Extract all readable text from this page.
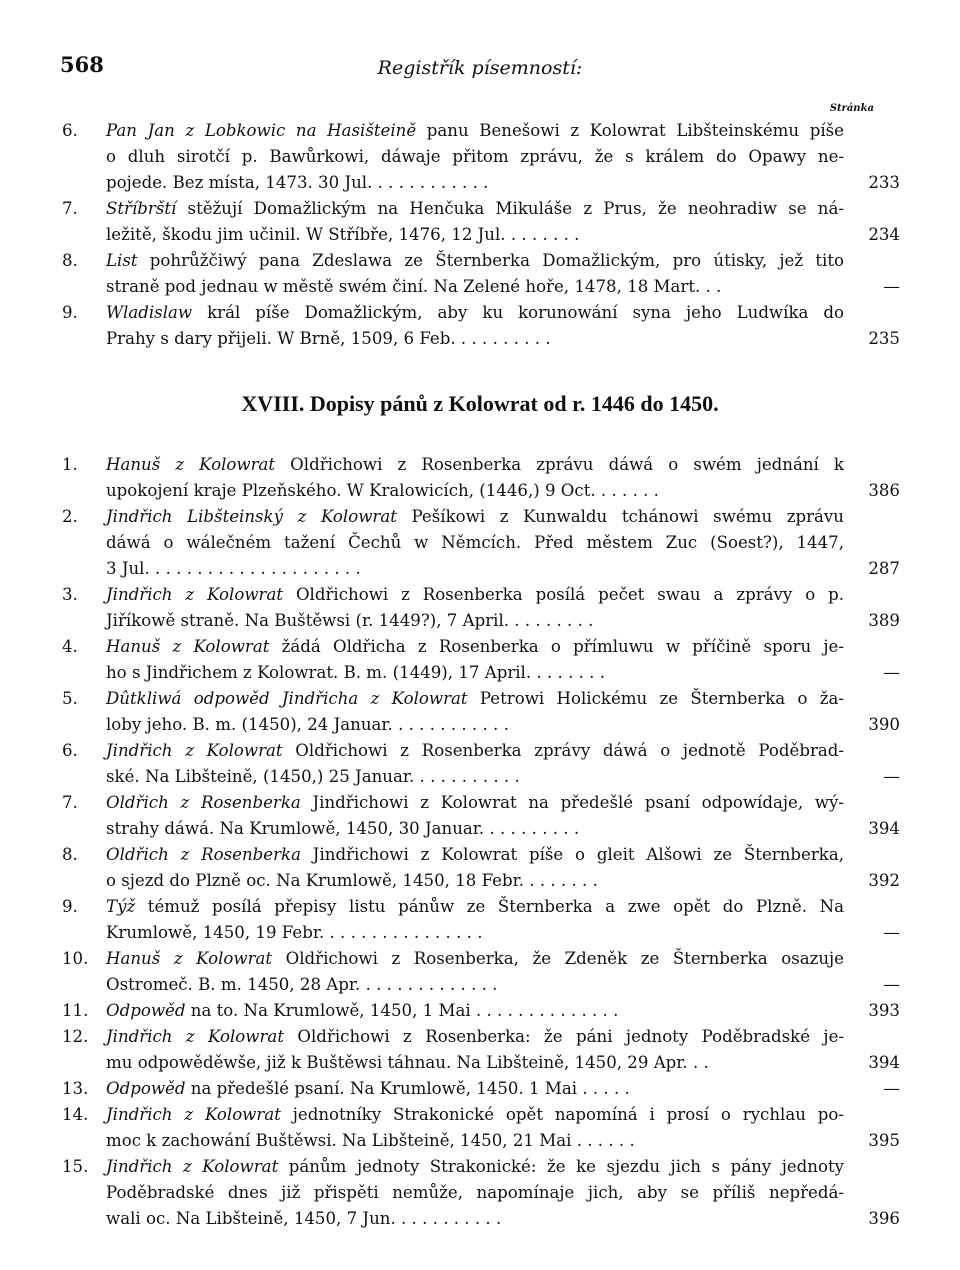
568	Registřík písemností:
Stránka
6.	Pan Jan z Lobkowic na Hasišteině panu Benešowi z Kolowrat Libšteinskému píše
o dluh sirotčí p. Bawůrkowi, dáwaje přitom zprávu, že s králem do Opawy ne-
pojede. Bez místa, 1473. 30 Jul. . . . . . . . . . . .	233
7.	Stříbrští stěžují Domažlickým na Henčuka Mikuláše z Prus, že neohradiw se ná-
ležitě, škodu jim učinil. W Stříbře, 1476, 12 Jul. . . . . . . .	234
8.	List pohrůžčiwý pana Zdeslawa ze Šternberka Domažlickým, pro útisky, jež tito
straně pod jednau w městě swém činí. Na Zelené hoře, 1478, 18 Mart. . .	—
9.	Wladislaw král píše Domažlickým, aby ku korunowání syna jeho Ludwíka do
Prahy s dary přijeli. W Brně, 1509, 6 Feb. . . . . . . . . .	235
XVIII. Dopisy pánů z Kolowrat od r. 1446 do 1450.
1.	Hanuš z Kolowrat Oldřichowi z Rosenberka zprávu dáwá o swém jednání k
upokojení kraje Plzeňského. W Kralowicích, (1446,) 9 Oct. . . . . . .	386
2.	Jindřich Libšteinský z Kolowrat Pešíkowi z Kunwaldu tchánowi swému zprávu
dáwá o wálečném tažení Čechů w Němcích. Před městem Zuc (Soest?), 1447,
3 Jul. . . . . . . . . . . . . . . . . . . . .	287
3.	Jindřich z Kolowrat Oldřichowi z Rosenberka posílá pečet swau a zprávy o p.
Jiříkowě straně. Na Buštěwsi (r. 1449?), 7 April. . . . . . . . .	389
4.	Hanuš z Kolowrat žádá Oldřicha z Rosenberka o přímluwu w příčině sporu je-
ho s Jindřichem z Kolowrat. B. m. (1449), 17 April. . . . . . . .	—
5.	Dûtkliwá odpowěd Jindřicha z Kolowrat Petrowi Holickému ze Šternberka o ža-
loby jeho. B. m. (1450), 24 Januar. . . . . . . . . . . .	390
6.	Jindřich z Kolowrat Oldřichowi z Rosenberka zprávy dáwá o jednotě Poděbrad-
ské. Na Libšteině, (1450,) 25 Januar. . . . . . . . . . .	—
7.	Oldřich z Rosenberka Jindřichowi z Kolowrat na předešlé psaní odpowídaje, wý-
strahy dáwá. Na Krumlowě, 1450, 30 Januar. . . . . . . . . .	394
8.	Oldřich z Rosenberka Jindřichowi z Kolowrat píše o gleit Alšowi ze Šternberka,
o sjezd do Plzně oc. Na Krumlowě, 1450, 18 Febr. . . . . . . .	392
9.	Týž témuž posílá přepisy listu pánůw ze Šternberka a zwe opět do Plzně. Na
Krumlowě, 1450, 19 Febr. . . . . . . . . . . . . . . .	—
10.	Hanuš z Kolowrat Oldřichowi z Rosenberka, že Zdeněk ze Šternberka osazuje
Ostromeč. B. m. 1450, 28 Apr. . . . . . . . . . . . . .	—
11.	Odpowěd na to. Na Krumlowě, 1450, 1 Mai . . . . . . . . . . . . . .	393
12.	Jindřich z Kolowrat Oldřichowi z Rosenberka: že páni jednoty Poděbradské je-
mu odpowěděwše, již k Buštěwsi táhnau. Na Libšteině, 1450, 29 Apr. . .	394
13.	Odpowěd na předešlé psaní. Na Krumlowě, 1450. 1 Mai . . . . .	—
14.	Jindřich z Kolowrat jednotníky Strakonické opět napomíná i prosí o rychlau po-
moc k zachowání Buštěwsi. Na Libšteině, 1450, 21 Mai . . . . . .	395
15.	Jindřich z Kolowrat pánům jednoty Strakonické: že ke sjezdu jich s pány jednoty
Poděbradské dnes již přispěti nemůže, napomínaje jich, aby se příliš nepředá-
wali oc. Na Libšteině, 1450, 7 Jun. . . . . . . . . . .	396
